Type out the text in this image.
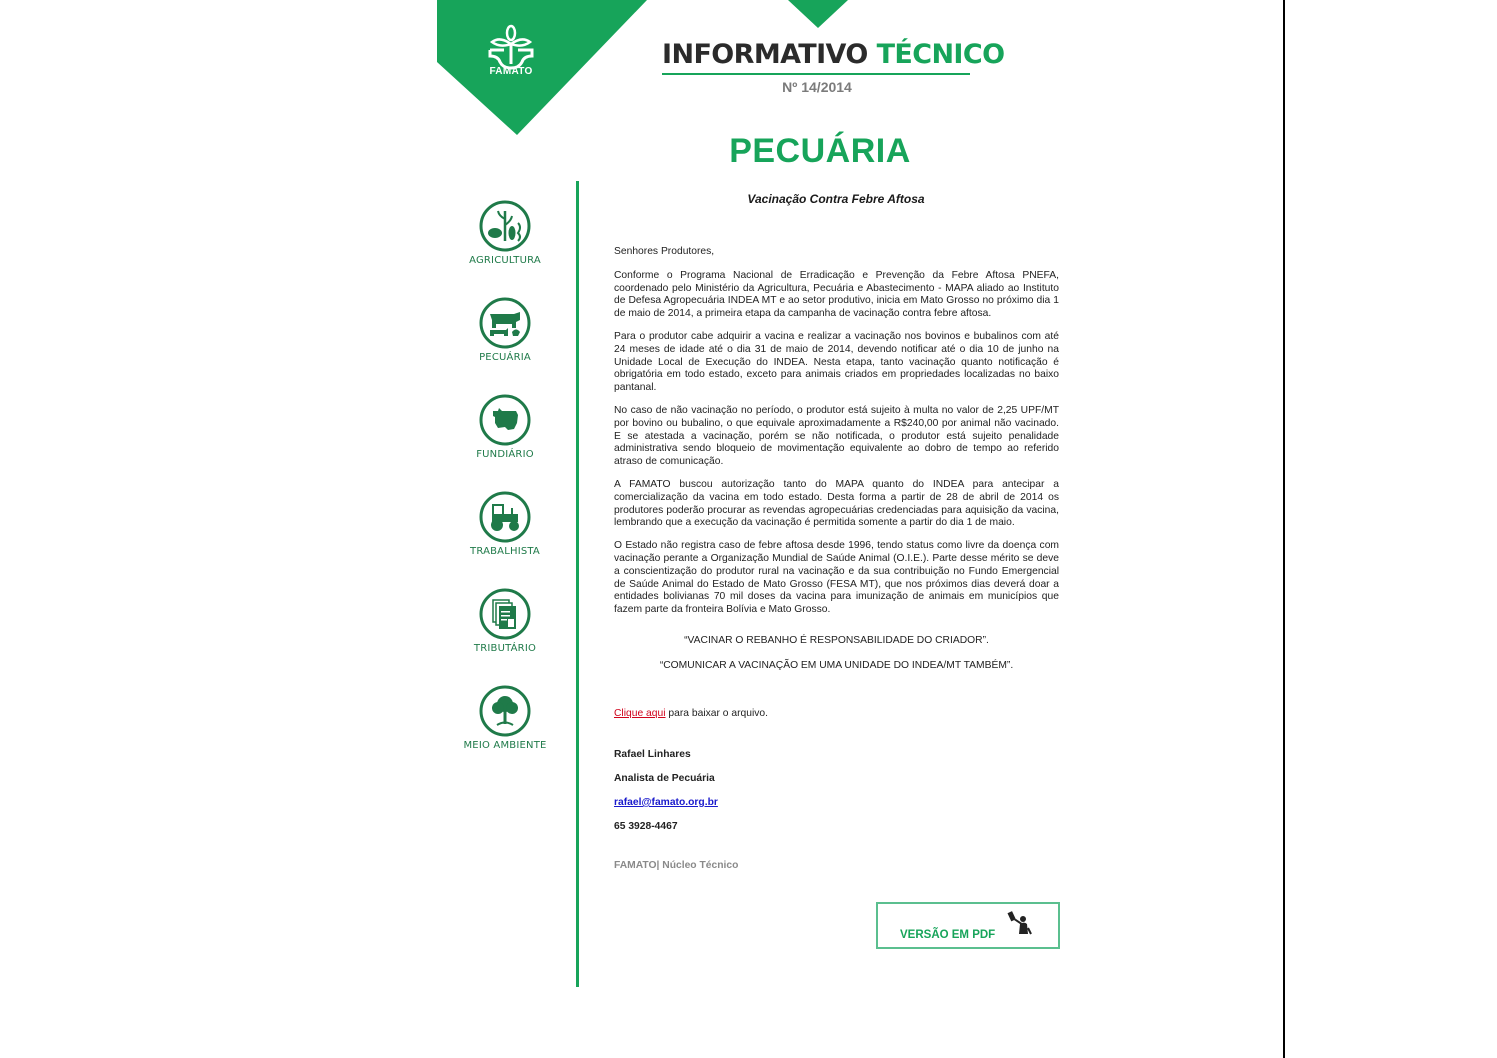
FAMATO
INFORMATIVO TÉCNICO
Nº 14/2014
PECUÁRIA
Vacinação Contra Febre Aftosa
AGRICULTURA
PECUÁRIA
FUNDIÁRIO
TRABALHISTA
TRIBUTÁRIO
MEIO AMBIENTE

Senhores Produtores,

Conforme o Programa Nacional de Erradicação e Prevenção da Febre Aftosa PNEFA, coordenado pelo Ministério da Agricultura, Pecuária e Abastecimento - MAPA aliado ao Instituto de Defesa Agropecuária INDEA MT e ao setor produtivo, inicia em Mato Grosso no próximo dia 1 de maio de 2014, a primeira etapa da campanha de vacinação contra febre aftosa.

Para o produtor cabe adquirir a vacina e realizar a vacinação nos bovinos e bubalinos com até 24 meses de idade até o dia 31 de maio de 2014, devendo notificar até o dia 10 de junho na Unidade Local de Execução do INDEA. Nesta etapa, tanto vacinação quanto notificação é obrigatória em todo estado, exceto para animais criados em propriedades localizadas no baixo pantanal.

No caso de não vacinação no período, o produtor está sujeito à multa no valor de 2,25 UPF/MT por bovino ou bubalino, o que equivale aproximadamente a R$240,00 por animal não vacinado. E se atestada a vacinação, porém se não notificada, o produtor está sujeito penalidade administrativa sendo bloqueio de movimentação equivalente ao dobro de tempo ao referido atraso de comunicação.

A FAMATO buscou autorização tanto do MAPA quanto do INDEA para antecipar a comercialização da vacina em todo estado. Desta forma a partir de 28 de abril de 2014 os produtores poderão procurar as revendas agropecuárias credenciadas para aquisição da vacina, lembrando que a execução da vacinação é permitida somente a partir do dia 1 de maio.

O Estado não registra caso de febre aftosa desde 1996, tendo status como livre da doença com vacinação perante a Organização Mundial de Saúde Animal (O.I.E.). Parte desse mérito se deve a conscientização do produtor rural na vacinação e da sua contribuição no Fundo Emergencial de Saúde Animal do Estado de Mato Grosso (FESA MT), que nos próximos dias deverá doar a entidades bolivianas 70 mil doses da vacina para imunização de animais em municípios que fazem parte da fronteira Bolívia e Mato Grosso.

“VACINAR O REBANHO É RESPONSABILIDADE DO CRIADOR”.

“COMUNICAR A VACINAÇÃO EM UMA UNIDADE DO INDEA/MT TAMBÉM”.

Clique aqui para baixar o arquivo.

Rafael Linhares

Analista de Pecuária

rafael@famato.org.br

65 3928-4467

FAMATO| Núcleo Técnico

VERSÃO EM PDF
